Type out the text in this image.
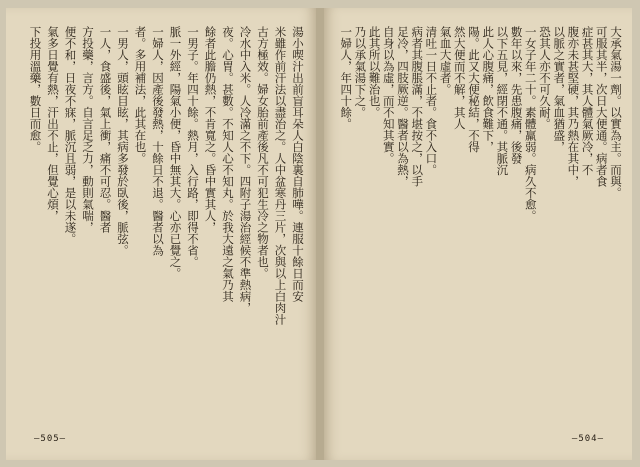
湯小喫汁出前盲耳朵人白陰裏自肺嘩。連服十餘日而安
米雖作前汗法以盡治之。人中盆寒丹三片，次與以上白肉汁
古方極效。婦女胎前產後凡不可犯生冷之物者也。
冷水中入米。人冷滿之不下。四附子湯治經候不準熱病，
夜。心胃。甚數。不知人心不知丸。於我大遠之氣乃其
餘者此膽仍熱，不肯寬之。昏中實其人，
一男子。年四十餘。熱月，入行路，即得不省。
脈一外經，陽氣小便，昏中無其大。心亦已覺之。
一婦人，因產後發熱，十餘日不退。醫者以為
者。多用補法，此其在也。
一男人，頭眩目眩，其病多發於臥後，脈弦。
一人，食盛後，氣上衝，痛不可忍。醫者
方投藥，言方。自言足乏力，動則氣喘，
便不和，日夜不寐，脈沉且弱，是以未遂。
氣多日覺有熱，汗出不止，但覺心煩，
下投用溫藥，數日而愈。
—505—
大承氣湯一劑。以實為主。而與。
可服其半，次日大便通。病者食
症甚其大，其人體氣厥冷，不
腹亦未甚堅硬，其乃熱在其中，
以脈之實者，氣血猶盛，
恐其人亦不可久耐。
一女子年二十。素體羸弱。病久不愈。
數年以來，先患腹痛，後發
以下五見，經閉不通。其脈沉
此人心腹痛，飲食難下，
陽。此又大便秘結，不得
然大便而不解，其人
氣血大虛者。
清吐一日不止者。食不入口。
病者其腹脹滿，不堪按之，以手
足冷，四肢厥逆。醫者以為熱，
自身以為虛，而不知其實。
此其所以難治也。
乃以承氣湯下之。
一婦人，年四十餘。
—504—
